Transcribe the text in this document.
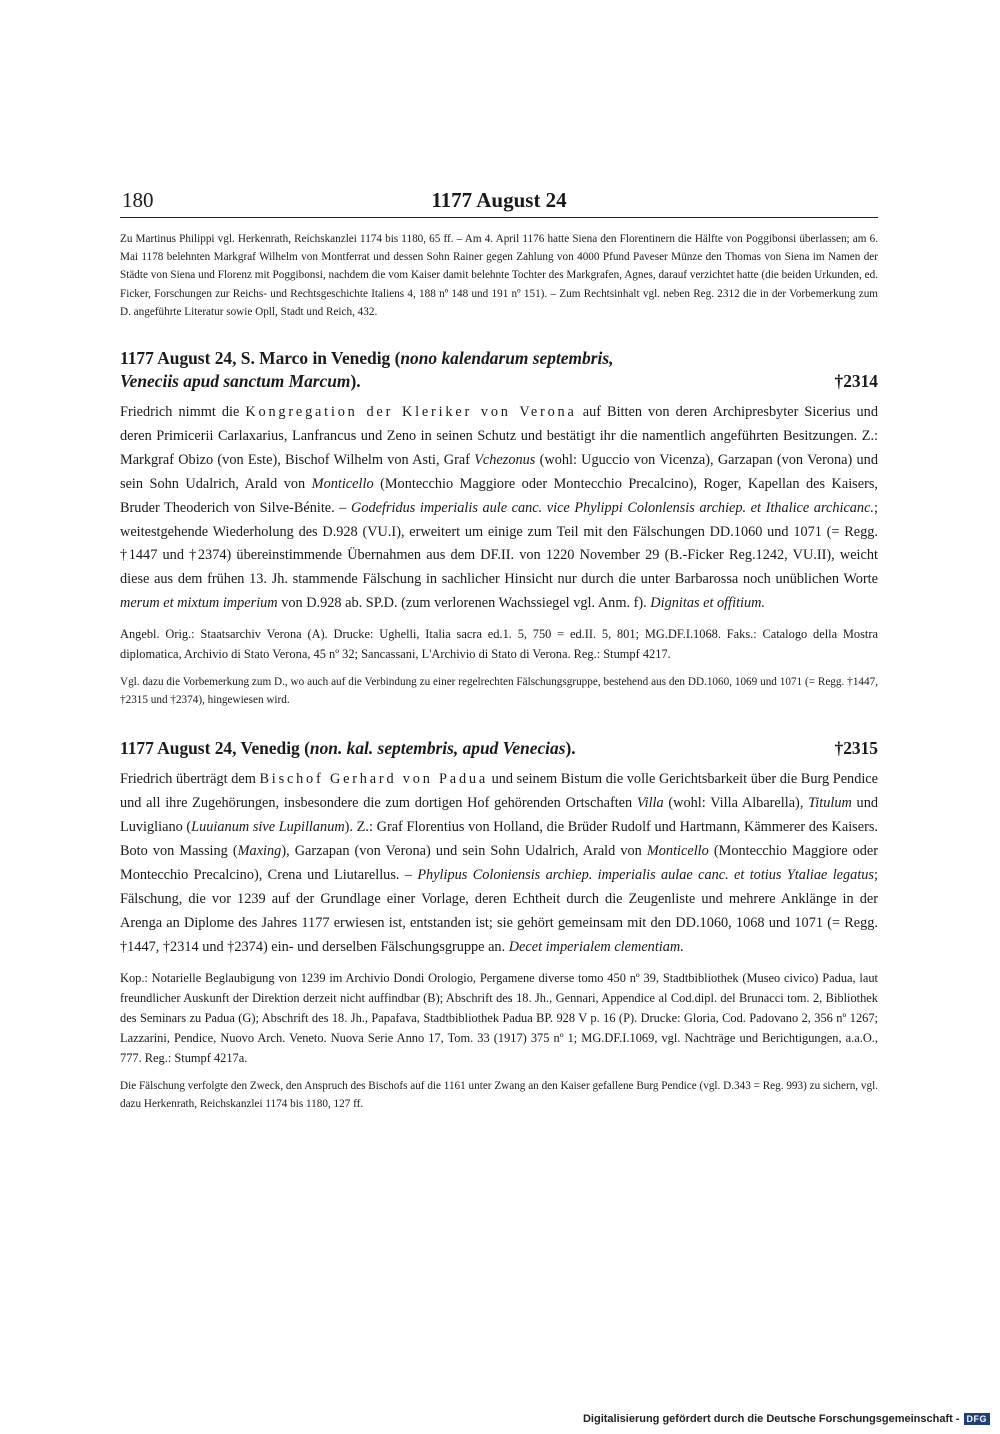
180	1177 August 24

Zu Martinus Philippi vgl. Herkenrath, Reichskanzlei 1174 bis 1180, 65 ff. – Am 4. April 1176 hatte Siena den Florentinern die Hälfte von Poggibonsi überlassen; am 6. Mai 1178 belehnten Markgraf Wilhelm von Montferrat und dessen Sohn Rainer gegen Zahlung von 4000 Pfund Paveser Münze den Thomas von Siena im Namen der Städte von Siena und Florenz mit Poggibonsi, nachdem die vom Kaiser damit belehnte Tochter des Markgrafen, Agnes, darauf verzichtet hatte (die beiden Urkunden, ed. Ficker, Forschungen zur Reichs- und Rechtsgeschichte Italiens 4, 188 nº 148 und 191 nº 151). – Zum Rechtsinhalt vgl. neben Reg. 2312 die in der Vorbemerkung zum D. angeführte Literatur sowie Opll, Stadt und Reich, 432.

1177 August 24, S. Marco in Venedig (nono kalendarum septembris,
Veneciis apud sanctum Marcum).	†2314

Friedrich nimmt die Kongregation der Kleriker von Verona auf Bitten von deren Archipresbyter Sicerius und deren Primicerii Carlaxarius, Lanfrancus und Zeno in seinen Schutz und bestätigt ihr die namentlich angeführten Besitzungen. Z.: Markgraf Obizo (von Este), Bischof Wilhelm von Asti, Graf Vchezonus (wohl: Uguccio von Vicenza), Garzapan (von Verona) und sein Sohn Udalrich, Arald von Monticello (Montecchio Maggiore oder Montecchio Precalcino), Roger, Kapellan des Kaisers, Bruder Theoderich von Silve-Bénite. – Godefridus imperialis aule canc. vice Phylippi Colonlensis archiep. et Ithalice archicanc.; weitestgehende Wiederholung des D.928 (VU.I), erweitert um einige zum Teil mit den Fälschungen DD.1060 und 1071 (= Regg. †1447 und †2374) übereinstimmende Übernahmen aus dem DF.II. von 1220 November 29 (B.-Ficker Reg.1242, VU.II), weicht diese aus dem frühen 13. Jh. stammende Fälschung in sachlicher Hinsicht nur durch die unter Barbarossa noch unüblichen Worte merum et mixtum imperium von D.928 ab. SP.D. (zum verlorenen Wachssiegel vgl. Anm. f). Dignitas et offitium.

Angebl. Orig.: Staatsarchiv Verona (A). Drucke: Ughelli, Italia sacra ed.1. 5, 750 = ed.II. 5, 801; MG.DF.I.1068. Faks.: Catalogo della Mostra diplomatica, Archivio di Stato Verona, 45 nº 32; Sancassani, L'Archivio di Stato di Verona. Reg.: Stumpf 4217.

Vgl. dazu die Vorbemerkung zum D., wo auch auf die Verbindung zu einer regelrechten Fälschungsgruppe, bestehend aus den DD.1060, 1069 und 1071 (= Regg. †1447, †2315 und †2374), hingewiesen wird.

1177 August 24, Venedig (non. kal. septembris, apud Venecias).	†2315

Friedrich überträgt dem Bischof Gerhard von Padua und seinem Bistum die volle Gerichtsbarkeit über die Burg Pendice und all ihre Zugehörungen, insbesondere die zum dortigen Hof gehörenden Ortschaften Villa (wohl: Villa Albarella), Titulum und Luvigliano (Luuianum sive Lupillanum). Z.: Graf Florentius von Holland, die Brüder Rudolf und Hartmann, Kämmerer des Kaisers. Boto von Massing (Maxing), Garzapan (von Verona) und sein Sohn Udalrich, Arald von Monticello (Montecchio Maggiore oder Montecchio Precalcino), Crena und Liutarellus. – Phylipus Coloniensis archiep. imperialis aulae canc. et totius Ytaliae legatus; Fälschung, die vor 1239 auf der Grundlage einer Vorlage, deren Echtheit durch die Zeugenliste und mehrere Anklänge in der Arenga an Diplome des Jahres 1177 erwiesen ist, entstanden ist; sie gehört gemeinsam mit den DD.1060, 1068 und 1071 (= Regg. †1447, †2314 und †2374) ein- und derselben Fälschungsgruppe an. Decet imperialem clementiam.

Kop.: Notarielle Beglaubigung von 1239 im Archivio Dondi Orologio, Pergamene diverse tomo 450 nº 39, Stadtbibliothek (Museo civico) Padua, laut freundlicher Auskunft der Direktion derzeit nicht auffindbar (B); Abschrift des 18. Jh., Gennari, Appendice al Cod.dipl. del Brunacci tom. 2, Bibliothek des Seminars zu Padua (G); Abschrift des 18. Jh., Papafava, Stadtbibliothek Padua BP. 928 V p. 16 (P). Drucke: Gloria, Cod. Padovano 2, 356 nº 1267; Lazzarini, Pendice, Nuovo Arch. Veneto. Nuova Serie Anno 17, Tom. 33 (1917) 375 nº 1; MG.DF.I.1069, vgl. Nachträge und Berichtigungen, a.a.O., 777. Reg.: Stumpf 4217a.

Die Fälschung verfolgte den Zweck, den Anspruch des Bischofs auf die 1161 unter Zwang an den Kaiser gefallene Burg Pendice (vgl. D.343 = Reg. 993) zu sichern, vgl. dazu Herkenrath, Reichskanzlei 1174 bis 1180, 127 ff.

Digitalisierung gefördert durch die Deutsche Forschungsgemeinschaft - DFG
